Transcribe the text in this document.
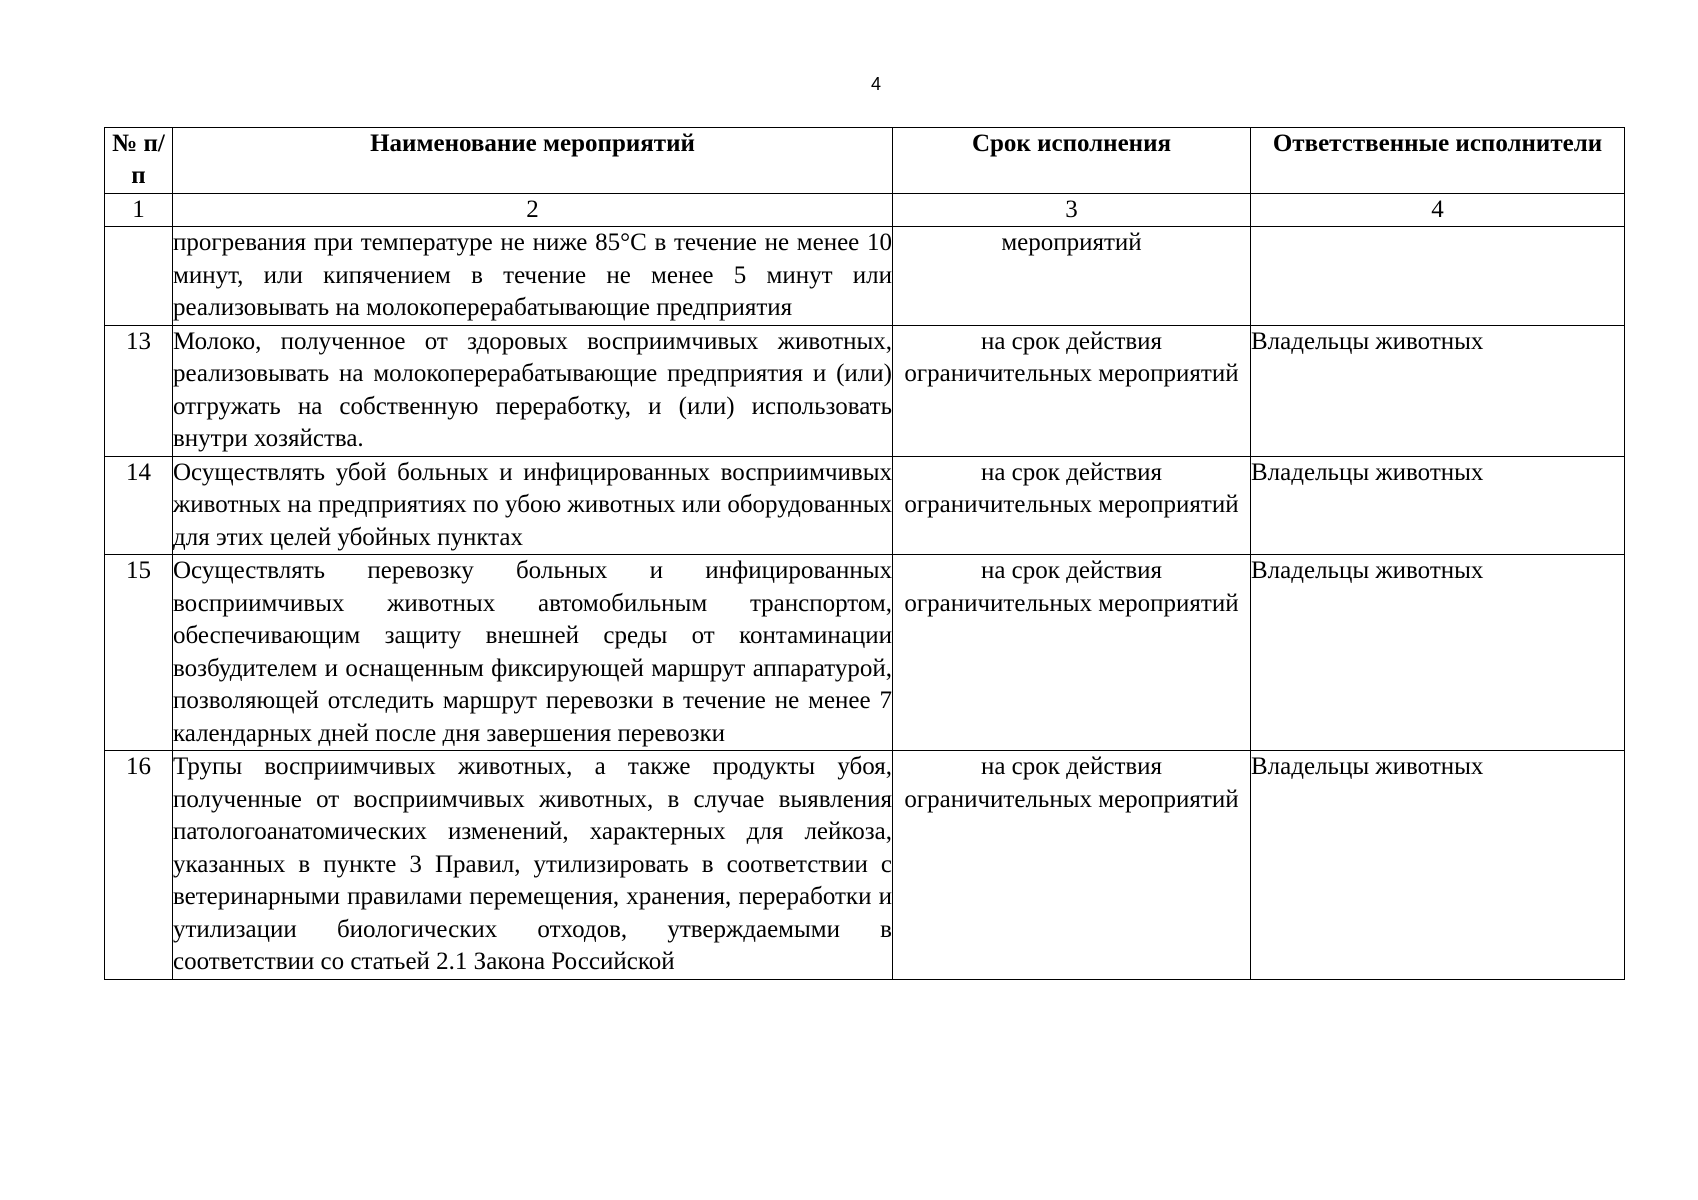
4
№ п/п	Наименование мероприятий	Срок исполнения	Ответственные исполнители
1	2	3	4
	прогревания при температуре не ниже 85°С в течение не менее 10 минут, или кипячением в течение не менее 5 минут или реализовывать на молокоперерабатывающие предприятия	мероприятий	
13	Молоко, полученное от здоровых восприимчивых животных, реализовывать на молокоперерабатывающие предприятия и (или) отгружать на собственную переработку, и (или) использовать внутри хозяйства.	на срок действия ограничительных мероприятий	Владельцы животных
14	Осуществлять убой больных и инфицированных восприимчивых животных на предприятиях по убою животных или оборудованных для этих целей убойных пунктах	на срок действия ограничительных мероприятий	Владельцы животных
15	Осуществлять перевозку больных и инфицированных восприимчивых животных автомобильным транспортом, обеспечивающим защиту внешней среды от контаминации возбудителем и оснащенным фиксирующей маршрут аппаратурой, позволяющей отследить маршрут перевозки в течение не менее 7 календарных дней после дня завершения перевозки	на срок действия ограничительных мероприятий	Владельцы животных
16	Трупы восприимчивых животных, а также продукты убоя, полученные от восприимчивых животных, в случае выявления патологоанатомических изменений, характерных для лейкоза, указанных в пункте 3 Правил, утилизировать в соответствии с ветеринарными правилами перемещения, хранения, переработки и утилизации биологических отходов, утверждаемыми в соответствии со статьей 2.1 Закона Российской	на срок действия ограничительных мероприятий	Владельцы животных
